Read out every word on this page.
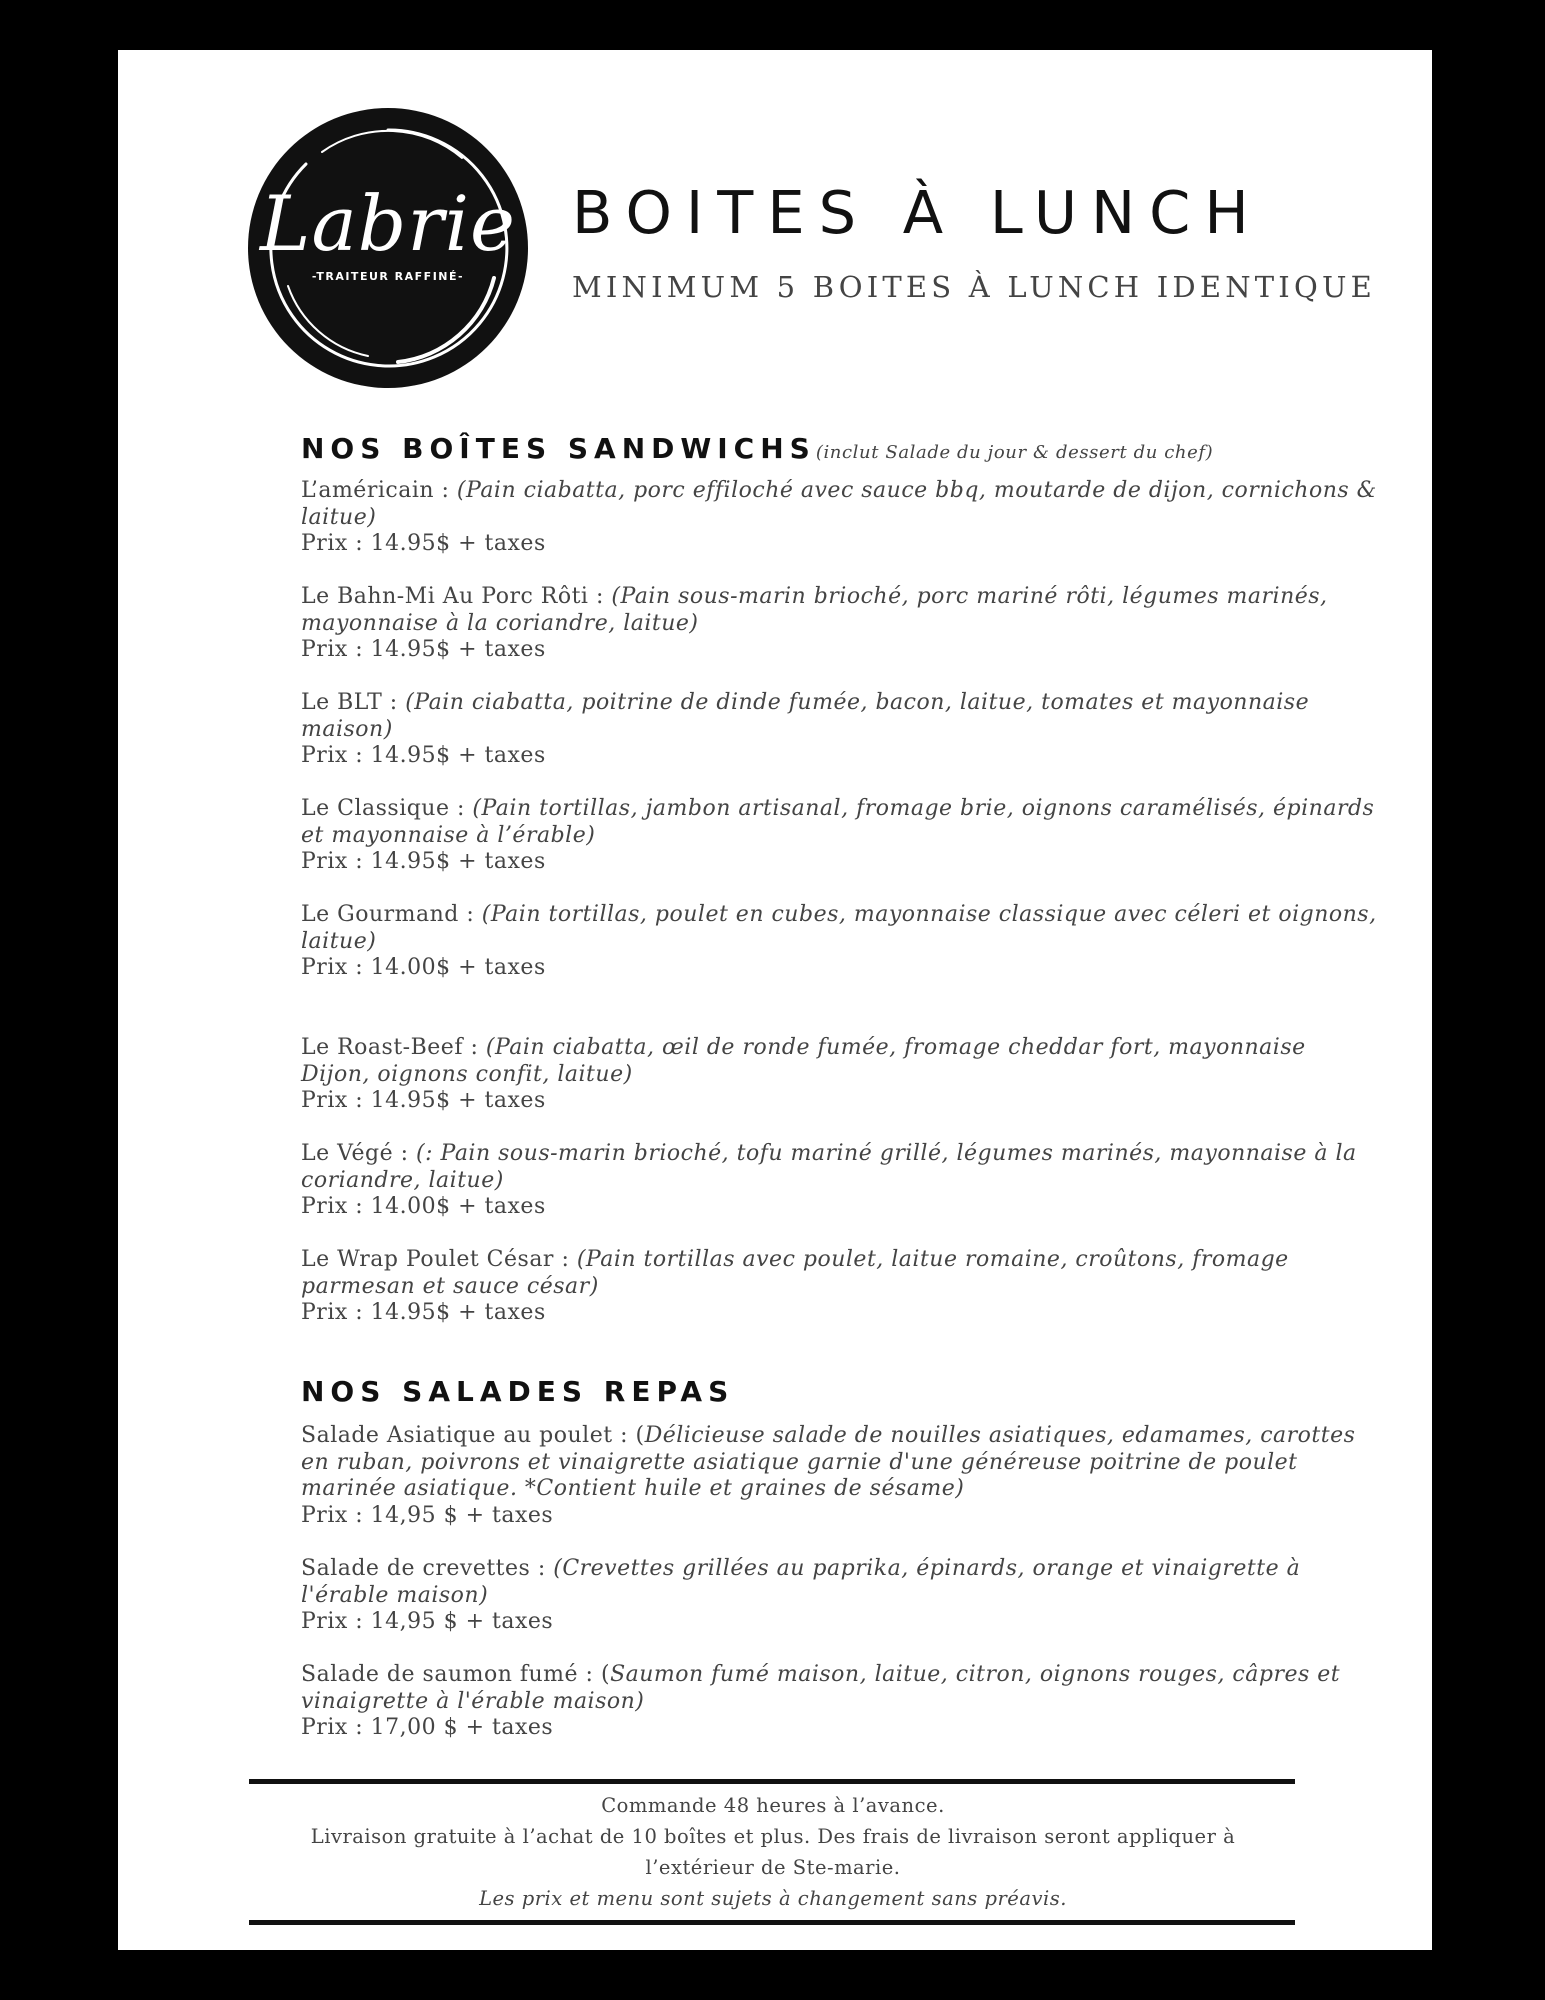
Labrie
-TRAITEUR RAFFINÉ-
BOITES À LUNCH
MINIMUM 5 BOITES À LUNCH IDENTIQUE
NOS BOÎTES SANDWICHS(inclut Salade du jour & dessert du chef)
L’américain : (Pain ciabatta, porc effiloché avec sauce bbq, moutarde de dijon, cornichons & laitue)
Prix : 14.95$ + taxes
Le Bahn-Mi Au Porc Rôti : (Pain sous-marin brioché, porc mariné rôti, légumes marinés, mayonnaise à la coriandre, laitue)
Prix : 14.95$ + taxes
Le BLT : (Pain ciabatta, poitrine de dinde fumée, bacon, laitue, tomates et mayonnaise maison)
Prix : 14.95$ + taxes
Le Classique : (Pain tortillas, jambon artisanal, fromage brie, oignons caramélisés, épinards et mayonnaise à l’érable)
Prix : 14.95$ + taxes
Le Gourmand : (Pain tortillas, poulet en cubes, mayonnaise classique avec céleri et oignons, laitue)
Prix : 14.00$ + taxes
Le Roast-Beef : (Pain ciabatta, œil de ronde fumée, fromage cheddar fort, mayonnaise Dijon, oignons confit, laitue)
Prix : 14.95$ + taxes
Le Végé : (: Pain sous-marin brioché, tofu mariné grillé, légumes marinés, mayonnaise à la coriandre, laitue)
Prix : 14.00$ + taxes
Le Wrap Poulet César : (Pain tortillas avec poulet, laitue romaine, croûtons, fromage parmesan et sauce césar)
Prix : 14.95$ + taxes
NOS SALADES REPAS
Salade Asiatique au poulet : (Délicieuse salade de nouilles asiatiques, edamames, carottes en ruban, poivrons et vinaigrette asiatique garnie d'une généreuse poitrine de poulet marinée asiatique. *Contient huile et graines de sésame)
Prix : 14,95 $ + taxes
Salade de crevettes : (Crevettes grillées au paprika, épinards, orange et vinaigrette à l'érable maison)
Prix : 14,95 $ + taxes
Salade de saumon fumé : (Saumon fumé maison, laitue, citron, oignons rouges, câpres et vinaigrette à l'érable maison)
Prix : 17,00 $ + taxes
Commande 48 heures à l’avance.
Livraison gratuite à l’achat de 10 boîtes et plus. Des frais de livraison seront appliquer à l’extérieur de Ste-marie.
Les prix et menu sont sujets à changement sans préavis.
